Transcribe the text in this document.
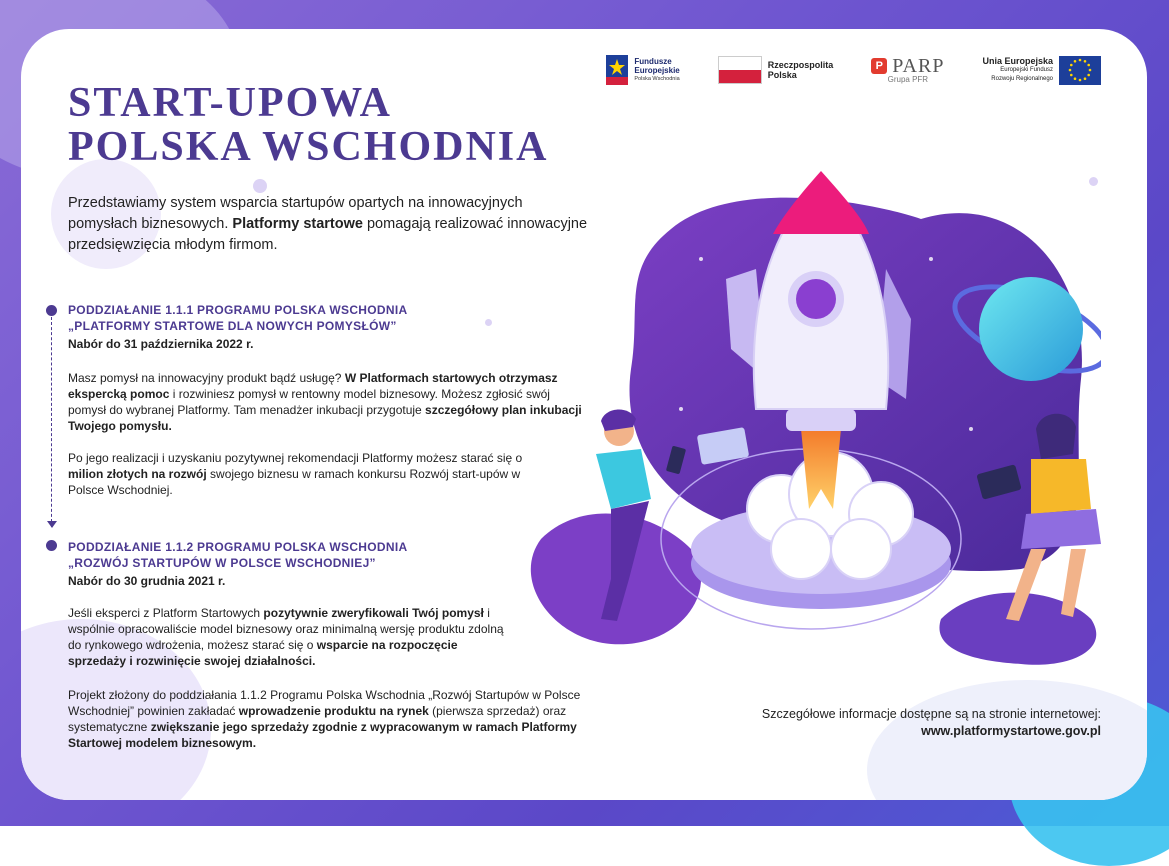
Fundusze
Europejskie
Polska Wschodnia
Rzeczpospolita
Polska
P PARP
Grupa PFR
Unia Europejska
Europejski Fundusz
Rozwoju Regionalnego
START-UPOWA
POLSKA WSCHODNIA

Przedstawiamy system wsparcia startupów opartych na innowacyjnych pomysłach biznesowych. Platformy startowe pomagają realizować innowacyjne przedsięwzięcia młodym firmom.

PODDZIAŁANIE 1.1.1 PROGRAMU POLSKA WSCHODNIA
„PLATFORMY STARTOWE DLA NOWYCH POMYSŁÓW”
Nabór do 31 października 2022 r.
Masz pomysł na innowacyjny produkt bądź usługę? W Platformach startowych otrzymasz ekspercką pomoc i rozwiniesz pomysł w rentowny model biznesowy. Możesz zgłosić swój pomysł do wybranej Platformy. Tam menadżer inkubacji przygotuje szczegółowy plan inkubacji Twojego pomysłu.
Po jego realizacji i uzyskaniu pozytywnej rekomendacji Platformy możesz starać się o milion złotych na rozwój swojego biznesu w ramach konkursu Rozwój start-upów w Polsce Wschodniej.
PODDZIAŁANIE 1.1.2 PROGRAMU POLSKA WSCHODNIA
„ROZWÓJ STARTUPÓW W POLSCE WSCHODNIEJ”
Nabór do 30 grudnia 2021 r.
Jeśli eksperci z Platform Startowych pozytywnie zweryfikowali Twój pomysł i wspólnie opracowaliście model biznesowy oraz minimalną wersję produktu zdolną do rynkowego wdrożenia, możesz starać się o wsparcie na rozpoczęcie sprzedaży i rozwinięcie swojej działalności.
Projekt złożony do poddziałania 1.1.2 Programu Polska Wschodnia „Rozwój Startupów w Polsce Wschodniej” powinien zakładać wprowadzenie produktu na rynek (pierwsza sprzedaż) oraz systematyczne zwiększanie jego sprzedaży zgodnie z wypracowanym w ramach Platformy Startowej modelem biznesowym.
Szczegółowe informacje dostępne są na stronie internetowej:
www.platformystartowe.gov.pl
